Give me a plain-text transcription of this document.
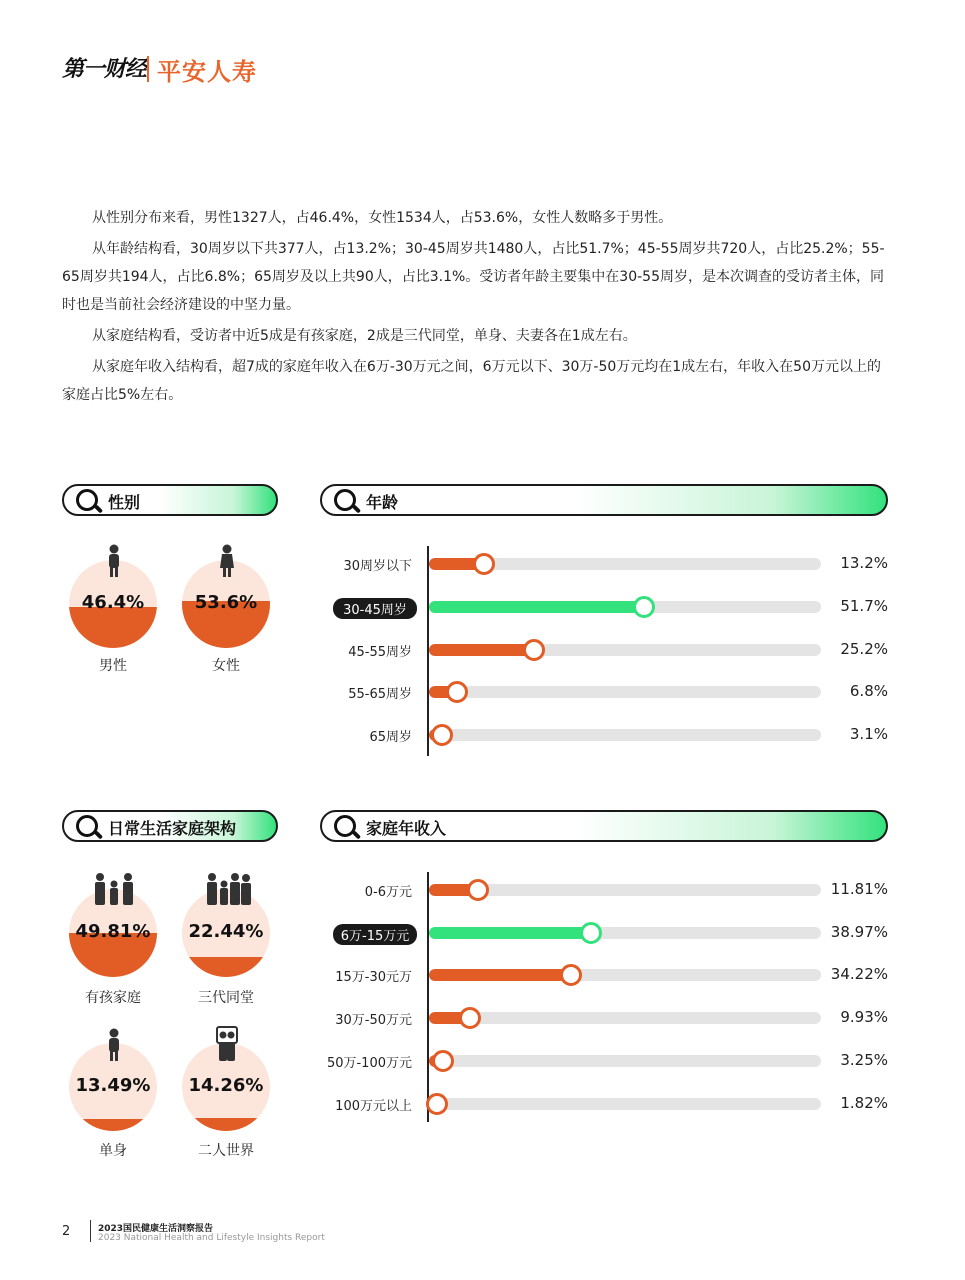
第一财经 平安人寿

从性别分布来看，男性1327人，占46.4%，女性1534人，占53.6%，女性人数略多于男性。

从年龄结构看，30周岁以下共377人，占13.2%；30-45周岁共1480人，占比51.7%；45-55周岁共720人，占比25.2%；55-65周岁共194人，占比6.8%；65周岁及以上共90人，占比3.1%。受访者年龄主要集中在30-55周岁，是本次调查的受访者主体，同时也是当前社会经济建设的中坚力量。

从家庭结构看，受访者中近5成是有孩家庭，2成是三代同堂，单身、夫妻各在1成左右。

从家庭年收入结构看，超7成的家庭年收入在6万-30万元之间，6万元以下、30万-50万元均在1成左右，年收入在50万元以上的家庭占比5%左右。

性别
46.4%
男性
53.6%
女性
年龄
30周岁以下	13.2%
30-45周岁	51.7%
45-55周岁	25.2%
55-65周岁	6.8%
65周岁	3.1%
日常生活家庭架构
49.81%
有孩家庭
22.44%
三代同堂
13.49%
单身
14.26%
二人世界
家庭年收入
0-6万元	11.81%
6万-15万元	38.97%
15万-30元万	34.22%
30万-50万元	9.93%
50万-100万元	3.25%
100万元以上	1.82%
2	2023国民健康生活洞察报告
2023 National Health and Lifestyle Insights Report
